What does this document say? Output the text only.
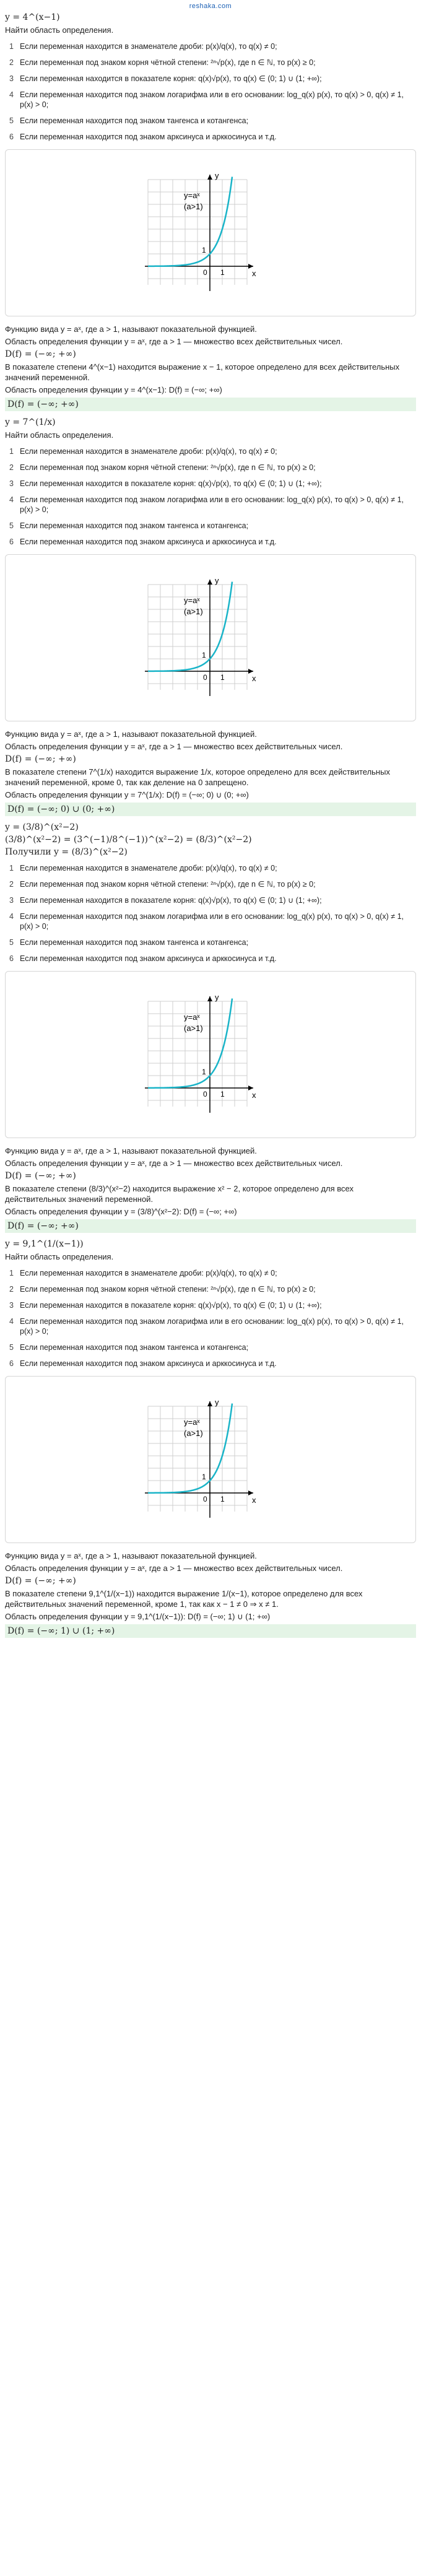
reshaka.com
y = 4^(x−1)
Найти область определения.
1 Если переменная находится в знаменателе дроби: p(x)/q(x), то q(x) ≠ 0;
2 Если переменная под знаком корня чётной степени: ²ⁿ√p(x), где n ∈ ℕ, то p(x) ≥ 0;
3 Если переменная находится в показателе корня: q(x)√p(x), то q(x) ∈ (0; 1) ∪ (1; +∞);
4 Если переменная находится под знаком логарифма или в его основании: log_q(x) p(x), то q(x) > 0, q(x) ≠ 1, p(x) > 0;
5 Если переменная находится под знаком тангенса и котангенса;
6 Если переменная находится под знаком арксинуса и арккосинуса и т.д.
y=aˣ
(a>1)
x
y
1
1
0
Функцию вида y = aˣ, где a > 1, называют показательной функцией.
Область определения функции y = aˣ, где a > 1 — множество всех действительных чисел.
D(f) = (−∞; +∞)
В показателе степени 4^(x−1) находится выражение x − 1, которое определено для всех действительных значений переменной.
Область определения функции y = 4^(x−1): D(f) = (−∞; +∞)
D(f) = (−∞; +∞)
y = 7^(1/x)
Найти область определения.
1 Если переменная находится в знаменателе дроби: p(x)/q(x), то q(x) ≠ 0;
2 Если переменная под знаком корня чётной степени: ²ⁿ√p(x), где n ∈ ℕ, то p(x) ≥ 0;
3 Если переменная находится в показателе корня: q(x)√p(x), то q(x) ∈ (0; 1) ∪ (1; +∞);
4 Если переменная находится под знаком логарифма или в его основании: log_q(x) p(x), то q(x) > 0, q(x) ≠ 1, p(x) > 0;
5 Если переменная находится под знаком тангенса и котангенса;
6 Если переменная находится под знаком арксинуса и арккосинуса и т.д.
y=aˣ
(a>1)
x
y
1
1
0
Функцию вида y = aˣ, где a > 1, называют показательной функцией.
Область определения функции y = aˣ, где a > 1 — множество всех действительных чисел.
D(f) = (−∞; +∞)
В показателе степени 7^(1/x) находится выражение 1/x, которое определено для всех действительных значений переменной, кроме 0, так как деление на 0 запрещено.
Область определения функции y = 7^(1/x): D(f) = (−∞; 0) ∪ (0; +∞)
D(f) = (−∞; 0) ∪ (0; +∞)
y = (3/8)^(x²−2)
(3/8)^(x²−2) = (3^(−1)/8^(−1))^(x²−2) = (8/3)^(x²−2)
Получили y = (8/3)^(x²−2)
1 Если переменная находится в знаменателе дроби: p(x)/q(x), то q(x) ≠ 0;
2 Если переменная под знаком корня чётной степени: ²ⁿ√p(x), где n ∈ ℕ, то p(x) ≥ 0;
3 Если переменная находится в показателе корня: q(x)√p(x), то q(x) ∈ (0; 1) ∪ (1; +∞);
4 Если переменная находится под знаком логарифма или в его основании: log_q(x) p(x), то q(x) > 0, q(x) ≠ 1, p(x) > 0;
5 Если переменная находится под знаком тангенса и котангенса;
6 Если переменная находится под знаком арксинуса и арккосинуса и т.д.
y=aˣ
(a>1)
x
y
1
1
0
Функцию вида y = aˣ, где a > 1, называют показательной функцией.
Область определения функции y = aˣ, где a > 1 — множество всех действительных чисел.
D(f) = (−∞; +∞)
В показателе степени (8/3)^(x²−2) находится выражение x² − 2, которое определено для всех действительных значений переменной.
Область определения функции y = (3/8)^(x²−2): D(f) = (−∞; +∞)
D(f) = (−∞; +∞)
y = 9,1^(1/(x−1))
Найти область определения.
1 Если переменная находится в знаменателе дроби: p(x)/q(x), то q(x) ≠ 0;
2 Если переменная под знаком корня чётной степени: ²ⁿ√p(x), где n ∈ ℕ, то p(x) ≥ 0;
3 Если переменная находится в показателе корня: q(x)√p(x), то q(x) ∈ (0; 1) ∪ (1; +∞);
4 Если переменная находится под знаком логарифма или в его основании: log_q(x) p(x), то q(x) > 0, q(x) ≠ 1, p(x) > 0;
5 Если переменная находится под знаком тангенса и котангенса;
6 Если переменная находится под знаком арксинуса и арккосинуса и т.д.
y=aˣ
(a>1)
x
y
1
1
0
Функцию вида y = aˣ, где a > 1, называют показательной функцией.
Область определения функции y = aˣ, где a > 1 — множество всех действительных чисел.
D(f) = (−∞; +∞)
В показателе степени 9,1^(1/(x−1)) находится выражение 1/(x−1), которое определено для всех действительных значений переменной, кроме 1, так как x − 1 ≠ 0 ⇒ x ≠ 1.
Область определения функции y = 9,1^(1/(x−1)): D(f) = (−∞; 1) ∪ (1; +∞)
D(f) = (−∞; 1) ∪ (1; +∞)
